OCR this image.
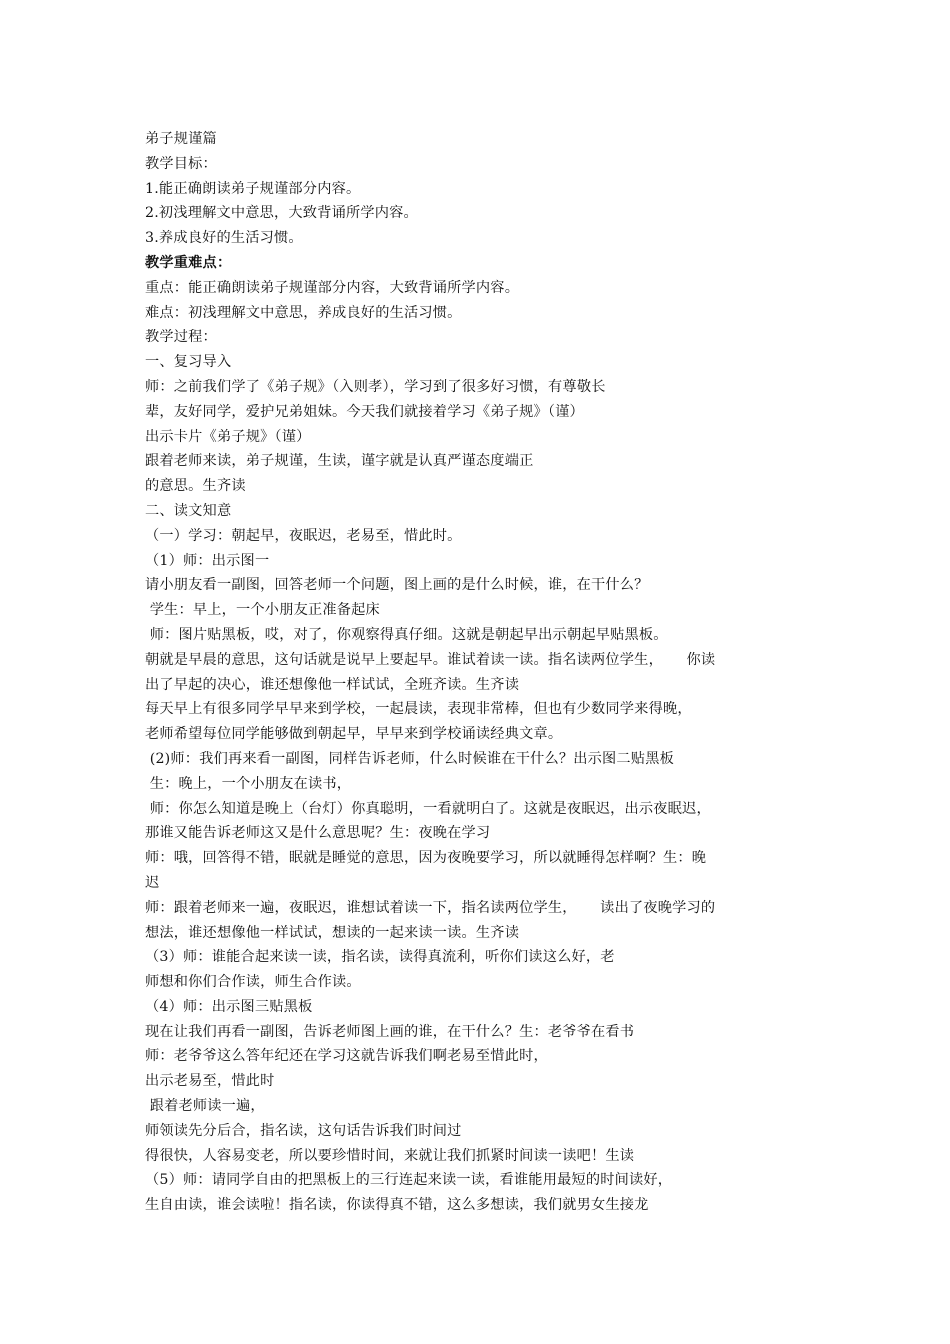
弟子规谨篇
教学目标：
1.能正确朗读弟子规谨部分内容。
2.初浅理解文中意思，大致背诵所学内容。
3.养成良好的生活习惯。
教学重难点：
重点：能正确朗读弟子规谨部分内容，大致背诵所学内容。
难点：初浅理解文中意思，养成良好的生活习惯。
教学过程：
一、复习导入
师：之前我们学了《弟子规》（入则孝），学习到了很多好习惯，有尊敬长
辈，友好同学，爱护兄弟姐妹。今天我们就接着学习《弟子规》（谨）
出示卡片《弟子规》（谨）
跟着老师来读，弟子规谨，生读，谨字就是认真严谨态度端正
的意思。生齐读
二、读文知意
（一）学习：朝起早，夜眠迟，老易至，惜此时。
（1）师：出示图一
请小朋友看一副图，回答老师一个问题，图上画的是什么时候，谁，在干什么？
学生：早上，一个小朋友正准备起床
师：图片贴黑板，哎，对了，你观察得真仔细。这就是朝起早出示朝起早贴黑板。
朝就是早晨的意思，这句话就是说早上要起早。谁试着读一读。指名读两位学生，     你读
出了早起的决心，谁还想像他一样试试，全班齐读。生齐读
每天早上有很多同学早早来到学校，一起晨读，表现非常棒，但也有少数同学来得晚，
老师希望每位同学能够做到朝起早，早早来到学校诵读经典文章。
(2)师：我们再来看一副图，同样告诉老师，什么时候谁在干什么？出示图二贴黑板
生：晚上，一个小朋友在读书，
师：你怎么知道是晚上（台灯）你真聪明，一看就明白了。这就是夜眠迟，出示夜眠迟，
那谁又能告诉老师这又是什么意思呢？生：夜晚在学习
师：哦，回答得不错，眠就是睡觉的意思，因为夜晚要学习，所以就睡得怎样啊？生：晚
迟
师：跟着老师来一遍，夜眠迟，谁想试着读一下，指名读两位学生，     读出了夜晚学习的
想法，谁还想像他一样试试，想读的一起来读一读。生齐读
（3）师：谁能合起来读一读，指名读，读得真流利，听你们读这么好，老
师想和你们合作读，师生合作读。
（4）师：出示图三贴黑板
现在让我们再看一副图，告诉老师图上画的谁，在干什么？生：老爷爷在看书
师：老爷爷这么答年纪还在学习这就告诉我们啊老易至惜此时，
出示老易至，惜此时
跟着老师读一遍，
师领读先分后合，指名读，这句话告诉我们时间过
得很快，人容易变老，所以要珍惜时间，来就让我们抓紧时间读一读吧！生读
（5）师：请同学自由的把黑板上的三行连起来读一读，看谁能用最短的时间读好，
生自由读，谁会读啦！指名读，你读得真不错，这么多想读，我们就男女生接龙
